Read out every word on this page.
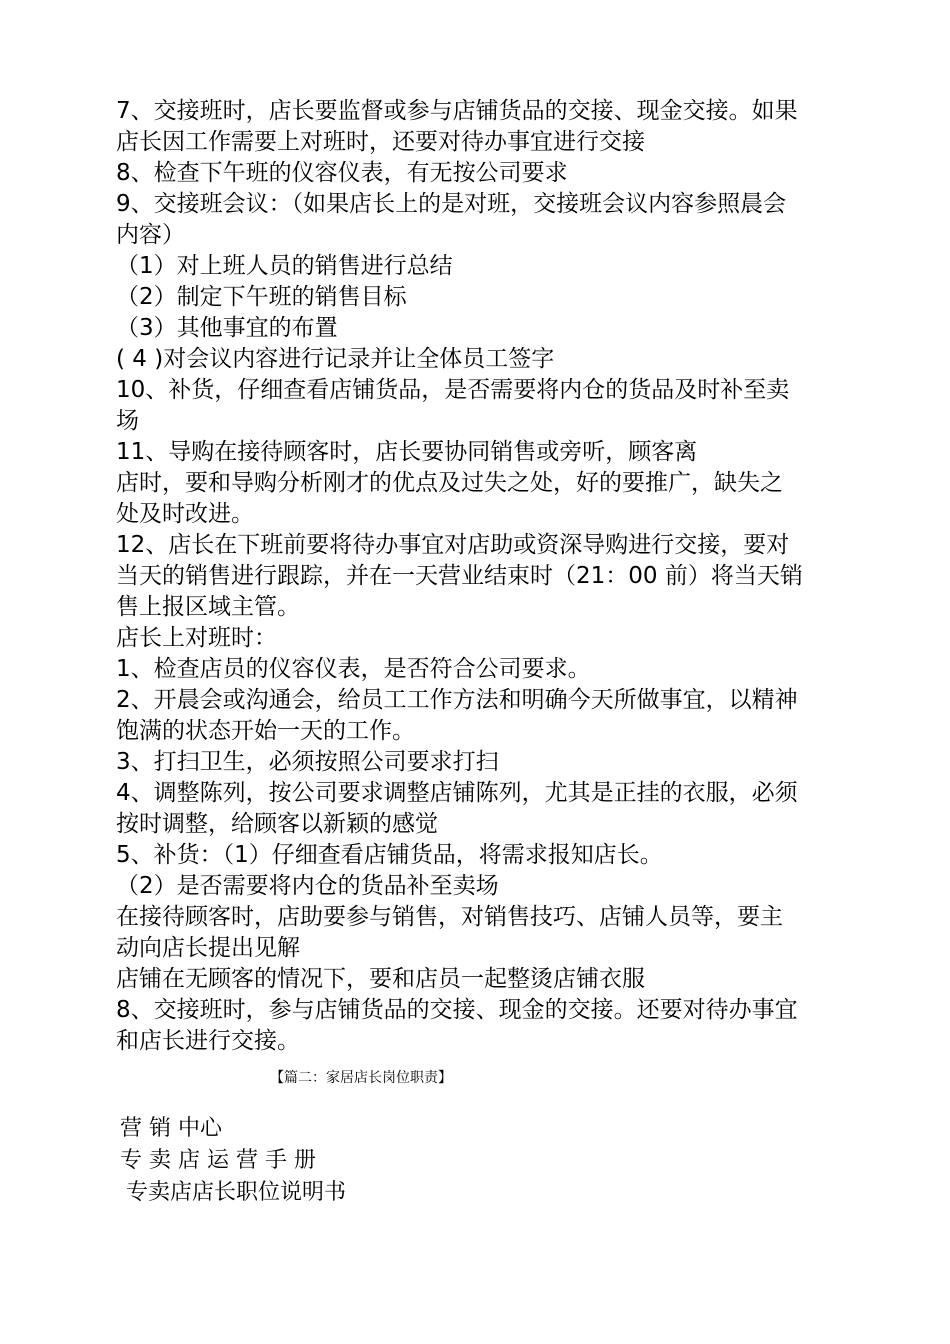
7、交接班时，店长要监督或参与店铺货品的交接、现金交接。如果
店长因工作需要上对班时，还要对待办事宜进行交接
8、检查下午班的仪容仪表，有无按公司要求
9、交接班会议：（如果店长上的是对班，交接班会议内容参照晨会
内容）
（1）对上班人员的销售进行总结
（2）制定下午班的销售目标
（3）其他事宜的布置
( 4 )对会议内容进行记录并让全体员工签字
10、补货，仔细查看店铺货品，是否需要将内仓的货品及时补至卖
场
11、导购在接待顾客时，店长要协同销售或旁听，顾客离
店时，要和导购分析刚才的优点及过失之处，好的要推广，缺失之
处及时改进。
12、店长在下班前要将待办事宜对店助或资深导购进行交接，要对
当天的销售进行跟踪，并在一天营业结束时（21：00 前）将当天销
售上报区域主管。
店长上对班时：
1、检查店员的仪容仪表，是否符合公司要求。
2、开晨会或沟通会，给员工工作方法和明确今天所做事宜，以精神
饱满的状态开始一天的工作。
3、打扫卫生，必须按照公司要求打扫
4、调整陈列，按公司要求调整店铺陈列，尤其是正挂的衣服，必须
按时调整，给顾客以新颖的感觉
5、补货：（1）仔细查看店铺货品，将需求报知店长。
（2）是否需要将内仓的货品补至卖场
在接待顾客时，店助要参与销售，对销售技巧、店铺人员等，要主
动向店长提出见解
店铺在无顾客的情况下，要和店员一起整烫店铺衣服
8、交接班时，参与店铺货品的交接、现金的交接。还要对待办事宜
和店长进行交接。
【篇二：家居店长岗位职责】
营 销 中心
专 卖 店 运 营 手 册
专卖店店长职位说明书
